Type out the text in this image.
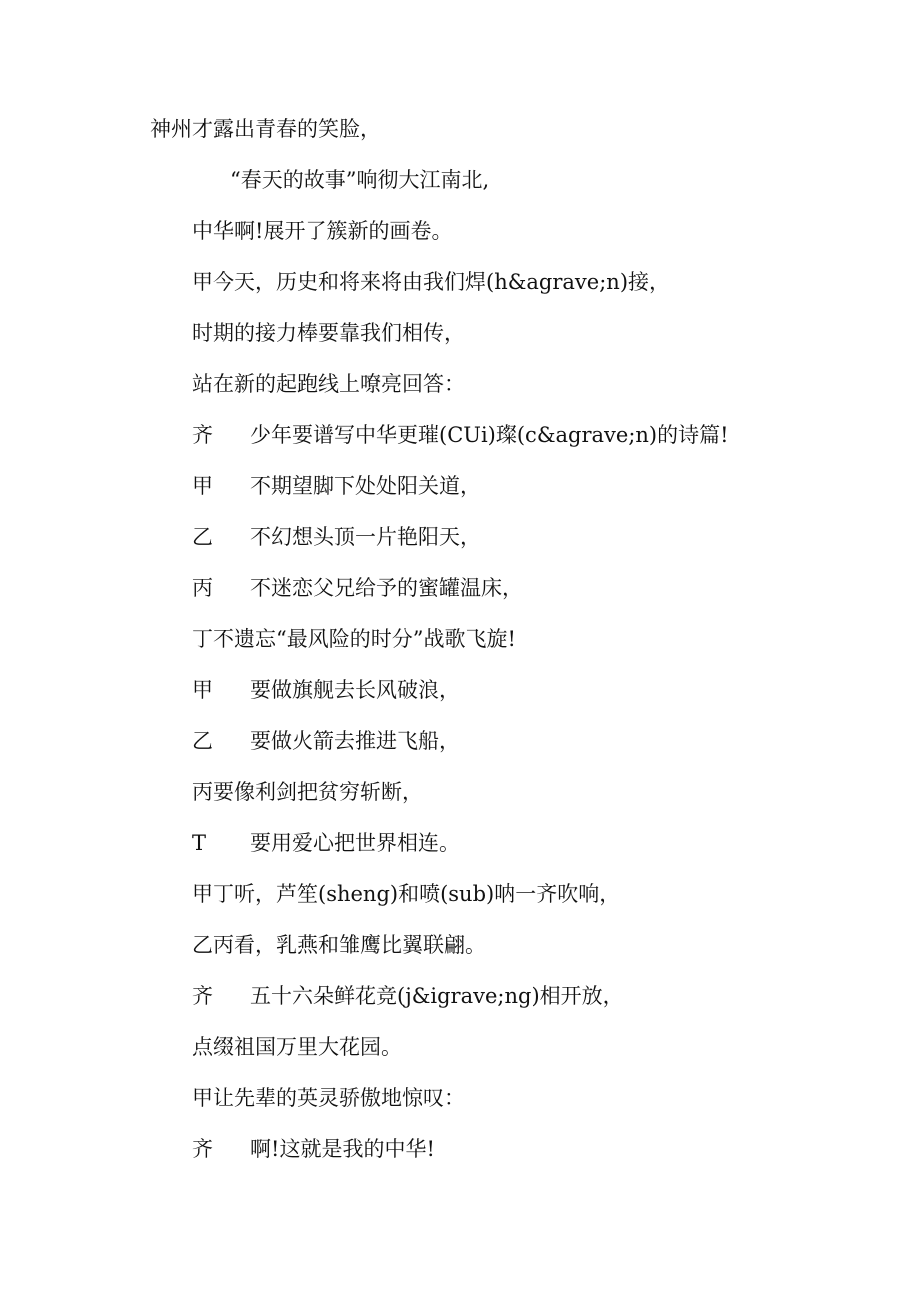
神州才露出青春的笑脸，
“春天的故事”响彻大江南北,
中华啊!展开了簇新的画卷。
甲今天，历史和将来将由我们焊(h&agrave;n)接，
时期的接力棒要靠我们相传，
站在新的起跑线上嘹亮回答：
齐 少年要谱写中华更璀(CUi)璨(c&agrave;n)的诗篇!
甲 不期望脚下处处阳关道，
乙 不幻想头顶一片艳阳天，
丙 不迷恋父兄给予的蜜罐温床，
丁不遗忘“最风险的时分”战歌飞旋!
甲 要做旗舰去长风破浪，
乙 要做火箭去推进飞船，
丙要像利剑把贫穷斩断，
T 要用爱心把世界相连。
甲丁听，芦笙(sheng)和喷(sub)呐一齐吹响，
乙丙看，乳燕和雏鹰比翼联翩。
齐 五十六朵鲜花竞(j&igrave;ng)相开放，
点缀祖国万里大花园。
甲让先辈的英灵骄傲地惊叹：
齐 啊!这就是我的中华!
